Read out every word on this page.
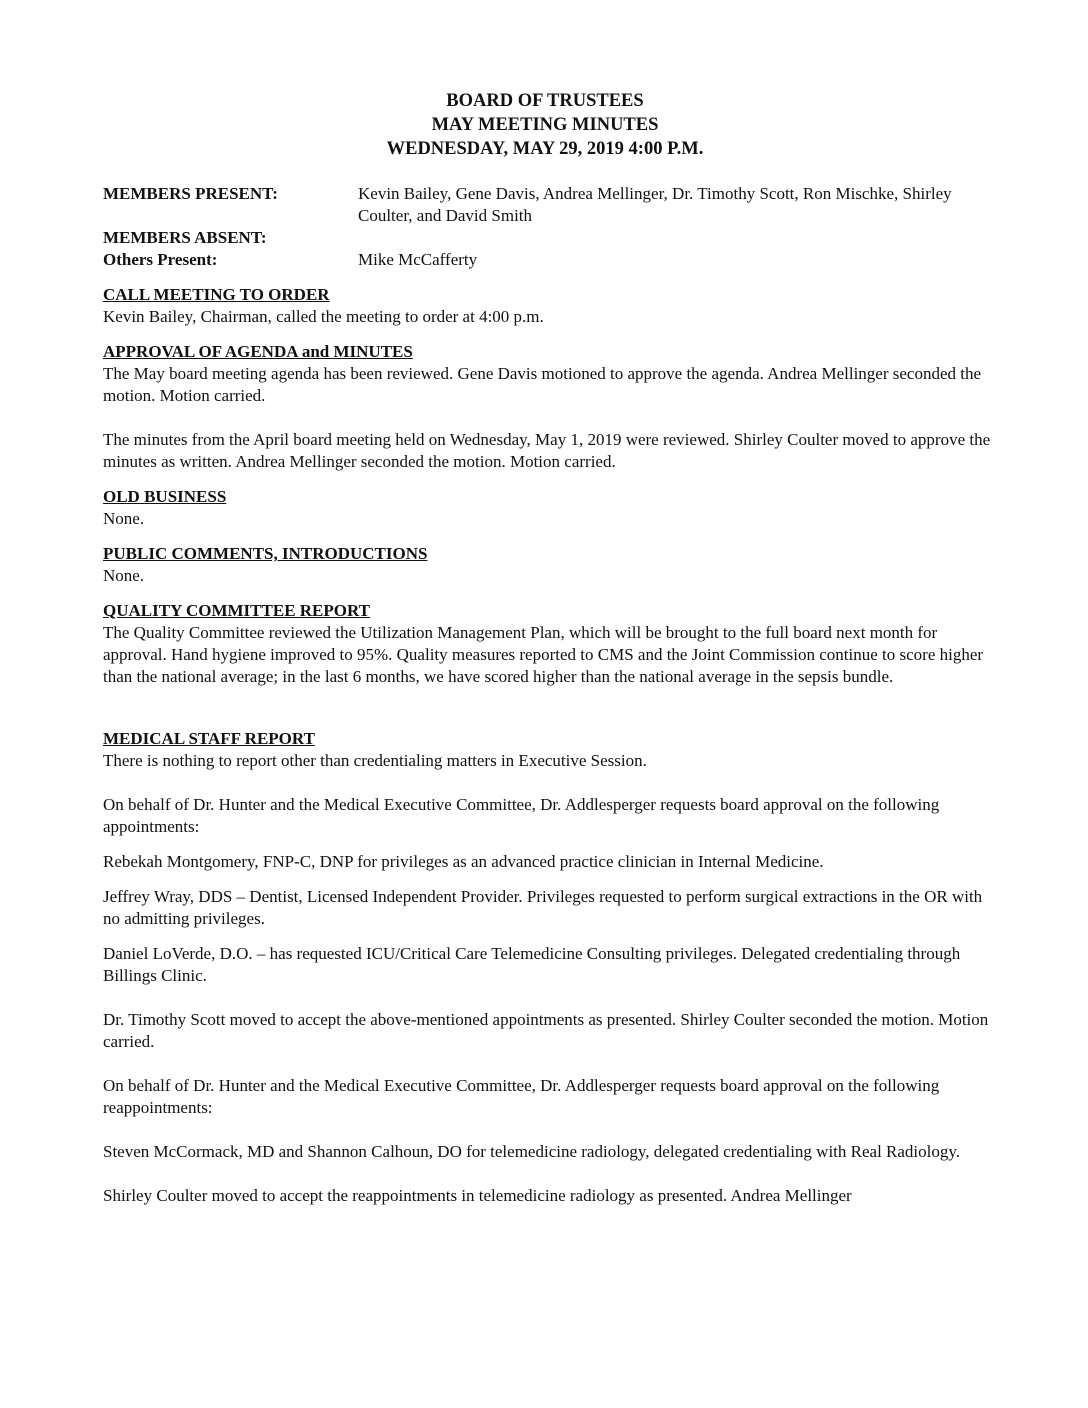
BOARD OF TRUSTEES
MAY MEETING MINUTES
WEDNESDAY, MAY 29, 2019 4:00 P.M.
MEMBERS PRESENT:	Kevin Bailey, Gene Davis, Andrea Mellinger, Dr. Timothy Scott, Ron Mischke, Shirley Coulter, and David Smith
MEMBERS ABSENT:
Others Present:	Mike McCafferty

CALL MEETING TO ORDER

Kevin Bailey, Chairman, called the meeting to order at 4:00 p.m.

APPROVAL OF AGENDA and MINUTES

The May board meeting agenda has been reviewed. Gene Davis motioned to approve the agenda. Andrea Mellinger seconded the motion. Motion carried.

The minutes from the April board meeting held on Wednesday, May 1, 2019 were reviewed. Shirley Coulter moved to approve the minutes as written. Andrea Mellinger seconded the motion. Motion carried.

OLD BUSINESS

None.

PUBLIC COMMENTS, INTRODUCTIONS

None.

QUALITY COMMITTEE REPORT

The Quality Committee reviewed the Utilization Management Plan, which will be brought to the full board next month for approval. Hand hygiene improved to 95%. Quality measures reported to CMS and the Joint Commission continue to score higher than the national average; in the last 6 months, we have scored higher than the national average in the sepsis bundle.

MEDICAL STAFF REPORT

There is nothing to report other than credentialing matters in Executive Session.

On behalf of Dr. Hunter and the Medical Executive Committee, Dr. Addlesperger requests board approval on the following appointments:

Rebekah Montgomery, FNP-C, DNP for privileges as an advanced practice clinician in Internal Medicine.

Jeffrey Wray, DDS – Dentist, Licensed Independent Provider. Privileges requested to perform surgical extractions in the OR with no admitting privileges.

Daniel LoVerde, D.O. – has requested ICU/Critical Care Telemedicine Consulting privileges. Delegated credentialing through Billings Clinic.

Dr. Timothy Scott moved to accept the above-mentioned appointments as presented. Shirley Coulter seconded the motion. Motion carried.

On behalf of Dr. Hunter and the Medical Executive Committee, Dr. Addlesperger requests board approval on the following reappointments:

Steven McCormack, MD and Shannon Calhoun, DO for telemedicine radiology, delegated credentialing with Real Radiology.

Shirley Coulter moved to accept the reappointments in telemedicine radiology as presented. Andrea Mellinger
